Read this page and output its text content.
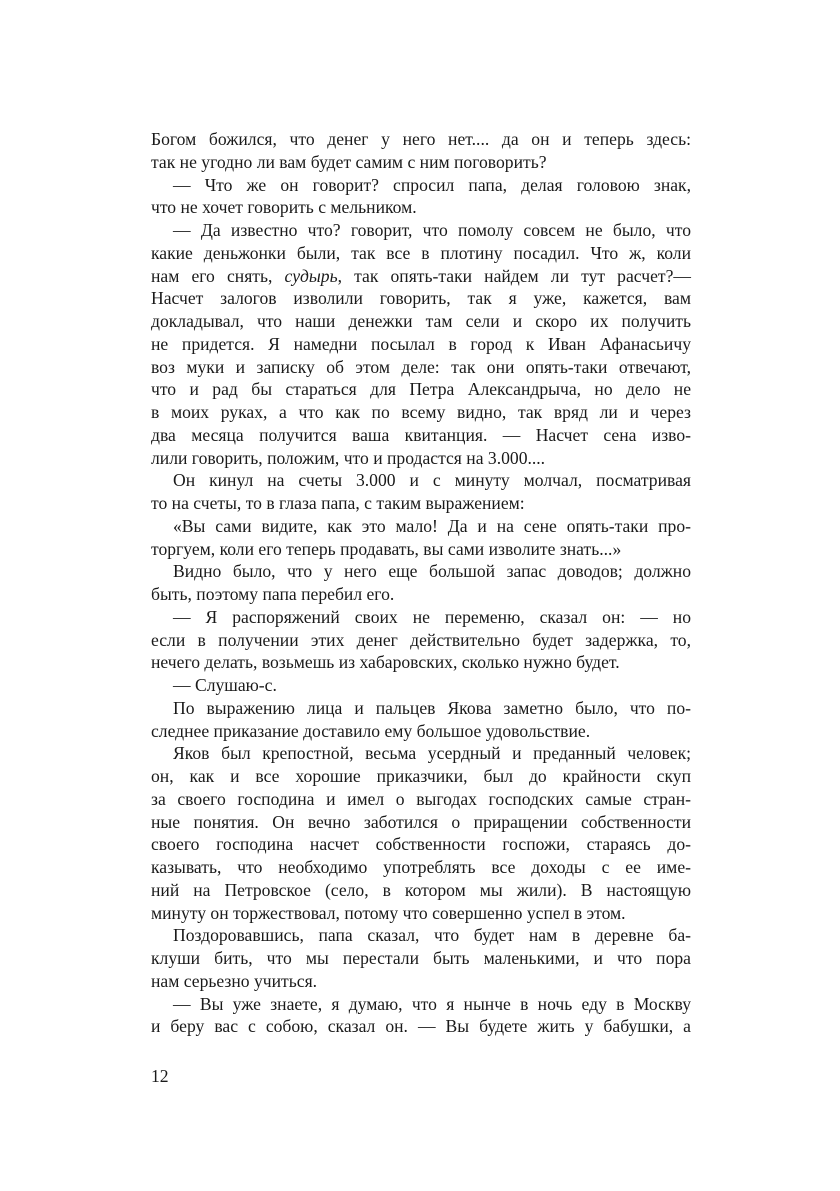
Богом божился, что денег у него нет.... да он и теперь здесь:
так не угодно ли вам будет самим с ним поговорить?
— Что же он говорит? спросил папа, делая головою знак,
что не хочет говорить с мельником.
— Да известно что? говорит, что помолу совсем не было, что
какие деньжонки были, так все в плотину посадил. Что ж, коли
нам его снять, судырь, так опять-таки найдем ли тут расчет?—
Насчет залогов изволили говорить, так я уже, кажется, вам
докладывал, что наши денежки там сели и скоро их получить
не придется. Я намедни посылал в город к Иван Афанасьичу
воз муки и записку об этом деле: так они опять-таки отвечают,
что и рад бы стараться для Петра Александрыча, но дело не
в моих руках, а что как по всему видно, так вряд ли и через
два месяца получится ваша квитанция. — Насчет сена изво-
лили говорить, положим, что и продастся на 3.000....
Он кинул на счеты 3.000 и с минуту молчал, посматривая
то на счеты, то в глаза папа, с таким выражением:
«Вы сами видите, как это мало! Да и на сене опять-таки про-
торгуем, коли его теперь продавать, вы сами изволите знать...»
Видно было, что у него еще большой запас доводов; должно
быть, поэтому папа перебил его.
— Я распоряжений своих не переменю, сказал он: — но
если в получении этих денег действительно будет задержка, то,
нечего делать, возьмешь из хабаровских, сколько нужно будет.
— Слушаю-с.
По выражению лица и пальцев Якова заметно было, что по-
следнее приказание доставило ему большое удовольствие.
Яков был крепостной, весьма усердный и преданный человек;
он, как и все хорошие приказчики, был до крайности скуп
за своего господина и имел о выгодах господских самые стран-
ные понятия. Он вечно заботился о приращении собственности
своего господина насчет собственности госпожи, стараясь до-
казывать, что необходимо употреблять все доходы с ее име-
ний на Петровское (село, в котором мы жили). В настоящую
минуту он торжествовал, потому что совершенно успел в этом.
Поздоровавшись, папа сказал, что будет нам в деревне ба-
клуши бить, что мы перестали быть маленькими, и что пора
нам серьезно учиться.
— Вы уже знаете, я думаю, что я нынче в ночь еду в Москву
и беру вас с собою, сказал он. — Вы будете жить у бабушки, а
12
